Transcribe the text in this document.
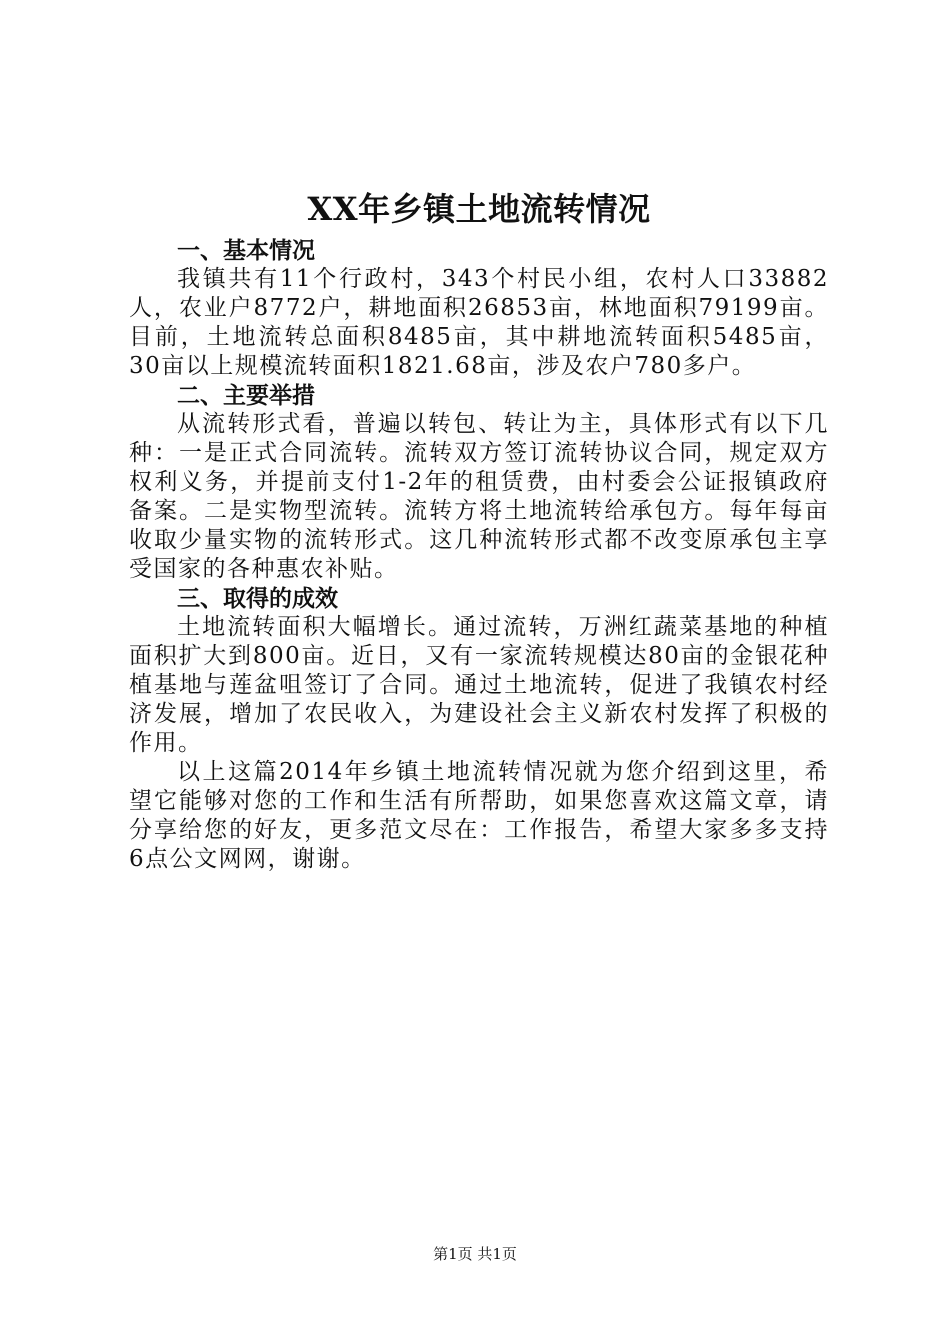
XX年乡镇土地流转情况

一、基本情况

我镇共有11个行政村，343个村民小组，农村人口33882人，农业户8772户，耕地面积26853亩，林地面积79199亩。目前，土地流转总面积8485亩，其中耕地流转面积5485亩，30亩以上规模流转面积1821.68亩，涉及农户780多户。

二、主要举措

从流转形式看，普遍以转包、转让为主，具体形式有以下几种：一是正式合同流转。流转双方签订流转协议合同，规定双方权利义务，并提前支付1-2年的租赁费，由村委会公证报镇政府备案。二是实物型流转。流转方将土地流转给承包方。每年每亩收取少量实物的流转形式。这几种流转形式都不改变原承包主享受国家的各种惠农补贴。

三、取得的成效

土地流转面积大幅增长。通过流转，万洲红蔬菜基地的种植面积扩大到800亩。近日，又有一家流转规模达80亩的金银花种植基地与莲盆咀签订了合同。通过土地流转，促进了我镇农村经济发展，增加了农民收入，为建设社会主义新农村发挥了积极的作用。

以上这篇2014年乡镇土地流转情况就为您介绍到这里，希望它能够对您的工作和生活有所帮助，如果您喜欢这篇文章，请分享给您的好友，更多范文尽在：工作报告，希望大家多多支持6点公文网网，谢谢。

第1页 共1页
